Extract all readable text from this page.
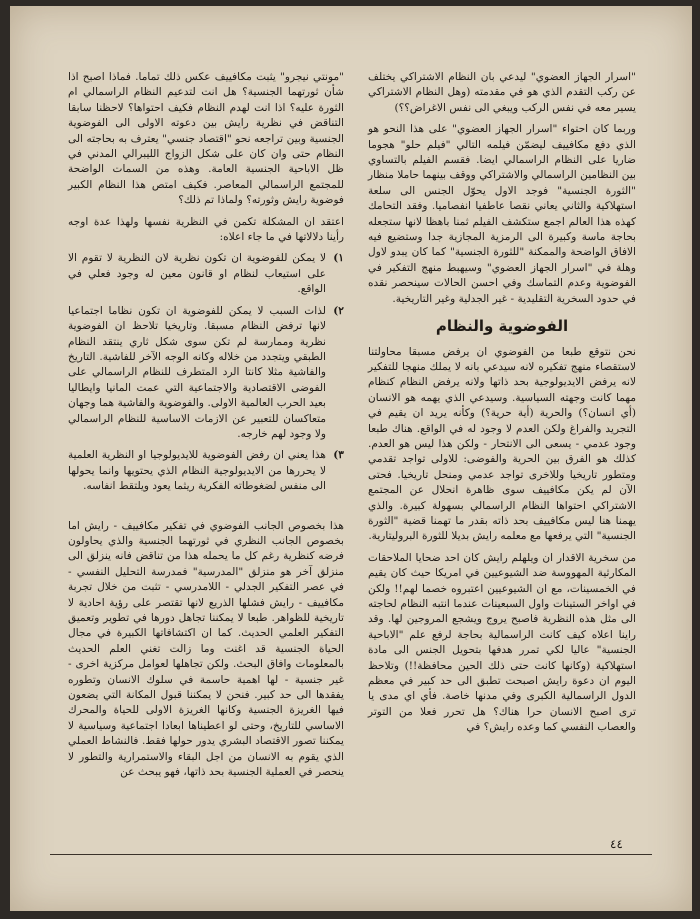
"اسرار الجهاز العضوي" ليدعي بان النظام الاشتراكي يختلف عن ركب التقدم الذي هو في مقدمته (وهل النظام الاشتراكي يسير معه في نفس الركب ويبغي الى نفس الاغراض؟؟)

وربما كان احتواء "اسرار الجهاز العضوي" على هذا النحو هو الذي دفع مكافييف ليضمّن فيلمه التالي "فيلم حلو" هجوما ضاريا على النظام الراسمالي ايضا. فقسم الفيلم بالتساوي بين النظامين الراسمالي والاشتراكي ووقف بينهما حاملا منظار "الثورة الجنسية" فوجد الاول يحوّل الجنس الى سلعة استهلاكية والثاني يعاني نقصا عاطفيا انفصاميا. وفقد التحامك كهذه هذا العالم اجمع ستكشف الفيلم ثمنا باهظا لانها ستجعله بحاجة ماسة وكبيرة الى الرمزية المجازية جدا وستضيع فيه الافاق الواضحة والممكنة "للثورة الجنسية" كما كان يبدو لاول وهلة في "اسرار الجهاز العضوي" وسيهبط منهج التفكير في الفوضوية وعدم التماسك وفي احسن الحالات سينحصر نقده في حدود السخرية التقليدية - غير الجدلية وغير التاريخية.

الفوضوية والنظام

نحن نتوقع طبعا من الفوضوي ان يرفض مسبقا محاولتنا لاستقصاء منهج تفكيره لانه سيدعي بانه لا يملك منهجا للتفكير لانه يرفض الايديولوجية بحد ذاتها ولانه يرفض النظام كنظام مهما كانت وجهته السياسية. وسيدعي الذي يهمه هو الانسان (أي انسان؟) والحرية (أية حرية؟) وكأنه يريد ان يقيم في التجريد والفراغ ولكن العدم لا وجود له في الواقع. هناك طبعا وجود عدمي - يسعى الى الانتحار - ولكن هذا ليس هو العدم. كذلك هو الفرق بين الحرية والفوضى: للاولى تواجد تقدمي ومتطور تاريخيا وللاخرى تواجد عدمي ومنحل تاريخيا. فحتى الآن لم يكن مكافييف سوى ظاهرة انحلال عن المجتمع الاشتراكي احتواها النظام الراسمالي بسهولة كبيرة. والذي يهمنا هنا ليس مكافييف بحد ذاته بقدر ما تهمنا قضية "الثورة الجنسية" التي يرفعها مع معلمه رايش بديلا للثورة البروليتارية.

من سخرية الاقدار ان ويلهلم رايش كان احد ضحايا الملاحقات المكارثية المهووسة ضد الشيوعيين في امريكا حيث كان يقيم في الخمسينات، مع ان الشيوعيين اعتبروه خصما لهم!! ولكن في اواخر الستينات واول السبعينات عندما انتبه النظام لحاجته الى مثل هذه النظرية فاصبح يروج ويشجع المروجين لها. وقد راينا اعلاه كيف كانت الراسمالية بحاجة لرفع علم "الاباحية الجنسية" عاليا لكي تمرر هدفها بتحويل الجنس الى مادة استهلاكية (وكانها كانت حتى ذلك الحين محافظة!!) وتلاحظ اليوم ان دعوة رايش اصبحت تطبق الى حد كبير في معظم الدول الراسمالية الكبرى وفي مدنها خاصة. فأي اي مدى يا ترى اصبح الانسان حرا هناك؟ هل تحرر فعلا من التوتر والعصاب النفسي كما وعده رايش؟ في

"مونتي نيجرو" يثبت مكافييف عكس ذلك تماما. فماذا اصبح اذا شأن ثورتهما الجنسية؟ هل انت لتدعيم النظام الراسمالي ام الثورة عليه؟ اذا انت لهدم النظام فكيف احتواها؟ لاحظنا سابقا التناقض في نظرية رايش بين دعوته الاولى الى الفوضوية الجنسية وبين تراجعه نحو "اقتصاد جنسي" يعترف به بحاجته الى النظام حتى وان كان على شكل الزواج الليبرالي المدني في ظل الاباحية الجنسية العامة. وهذه من السمات الواضحة للمجتمع الراسمالي المعاصر. فكيف امتص هذا النظام الكبير فوضوية رايش وثورته؟ ولماذا تم ذلك؟

اعتقد ان المشكلة تكمن في النظرية نفسها ولهذا عدة اوجه رأينا دلالاتها في ما جاء اعلاه:

١)
لا يمكن للفوضوية ان تكون نظرية لان النظرية لا تقوم الا على استيعاب لنظام او قانون معين له وجود فعلي في الواقع.
٢)
لذات السبب لا يمكن للفوضوية ان تكون نظاما اجتماعيا لانها ترفض النظام مسبقا. وتاريخيا تلاحظ ان الفوضوية نظرية وممارسة لم تكن سوى شكل ثاري ينتقد النظام الطبقي ويتجدد من خلاله وكانه الوجه الآخر للفاشية. التاريخ والفاشية مثلا كانتا الرد المتطرف للنظام الراسمالي على الفوضى الاقتصادية والاجتماعية التي عمت المانيا وايطاليا بعيد الحرب العالمية الاولى. والفوضوية والفاشية هما وجهان متعاكسان للتعبير عن الازمات الاساسية للنظام الراسمالي ولا وجود لهم خارجه.
٣)
هذا يعني ان رفض الفوضوية للايديولوجيا او النظرية العلمية لا يحررها من الايديولوجية النظام الذي يحتويها وانما يحولها الى منفس لضغوطاته الفكرية ريثما يعود ويلتقط انفاسه.

هذا بخصوص الجانب الفوضوي في تفكير مكافييف - رايش اما بخصوص الجانب النظري في ثورتهما الجنسية والذي يحاولون فرضه كنظرية رغم كل ما يحمله هذا من تناقض فانه ينزلق الى منزلق آخر هو منزلق "المدرسية" فمدرسة التحليل النفسي - في عصر التفكير الجدلي - اللامدرسي - تثبت من خلال تجربة مكافييف - رايش فشلها الذريع لانها تقتصر على رؤية احادية لا تاريخية للظواهر. طبعا لا يمكننا تجاهل دورها في تطوير وتعميق التفكير العلمي الحديث. كما ان اكتشافاتها الكبيرة في مجال الحياة الجنسية قد اغنت وما زالت تغني العلم الحديث بالمعلومات وافاق البحث. ولكن تجاهلها لعوامل مركزية اخرى - غير جنسية - لها اهمية حاسمة في سلوك الانسان وتطوره يفقدها الى حد كبير. فنحن لا يمكننا قبول المكانة التي يضعون فيها الغريزة الجنسية وكانها الغريزة الاولى للحياة والمحرك الاساسي للتاريخ، وحتى لو اعطيناها ابعادا اجتماعية وسياسية لا يمكننا تصور الاقتصاد البشري يدور حولها فقط. فالنشاط العملي الذي يقوم به الانسان من اجل البقاء والاستمرارية والتطور لا ينحصر في العملية الجنسية بحد ذاتها، فهو يبحث عن

٤٤
